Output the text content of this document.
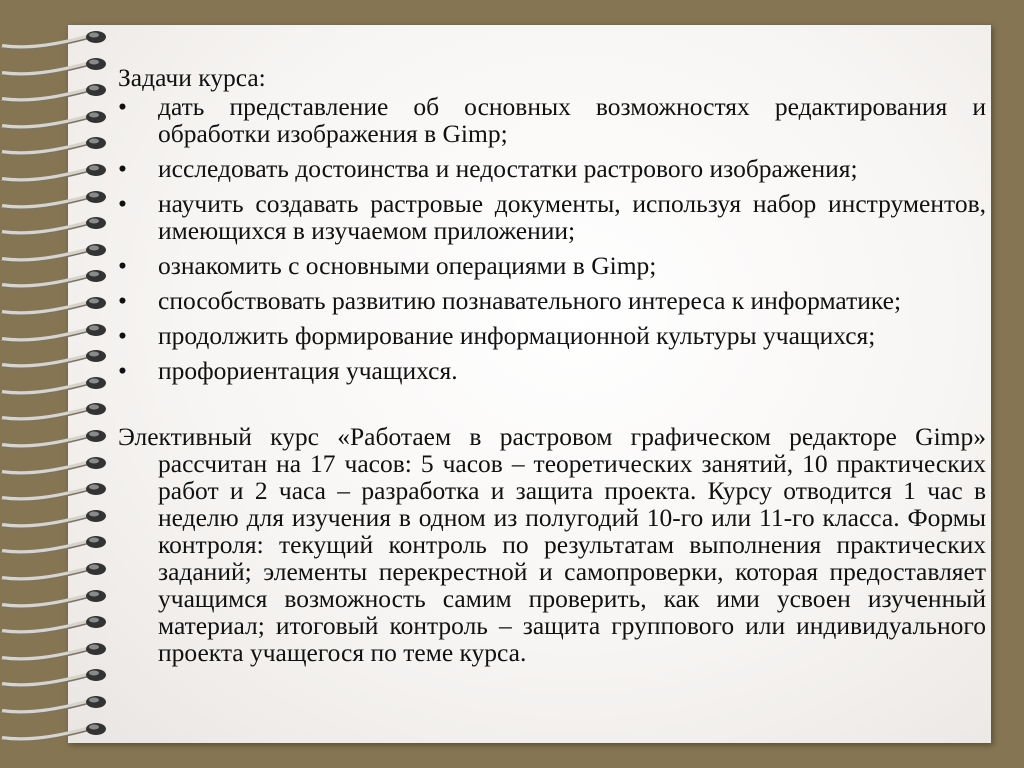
Задачи курса:
• дать представление об основных возможностях редактирования и обработки изображения в Gimp;
• исследовать достоинства и недостатки растрового изображения;
• научить создавать растровые документы, используя набор инструментов, имеющихся в изучаемом приложении;
• ознакомить с основными операциями в Gimp;
• способствовать развитию познавательного интереса к информатике;
• продолжить формирование информационной культуры учащихся;
• профориентация учащихся.
Элективный курс «Работаем в растровом графическом редакторе Gimp» рассчитан на 17 часов: 5 часов – теоретических занятий, 10 практических работ и 2 часа – разработка и защита проекта. Курсу отводится 1 час в неделю для изучения в одном из полугодий 10-го или 11-го класса. Формы контроля: текущий контроль по результатам выполнения практических заданий; элементы перекрестной и самопроверки, которая предоставляет учащимся возможность самим проверить, как ими усвоен изученный материал; итоговый контроль – защита группового или индивидуального проекта учащегося по теме курса.
